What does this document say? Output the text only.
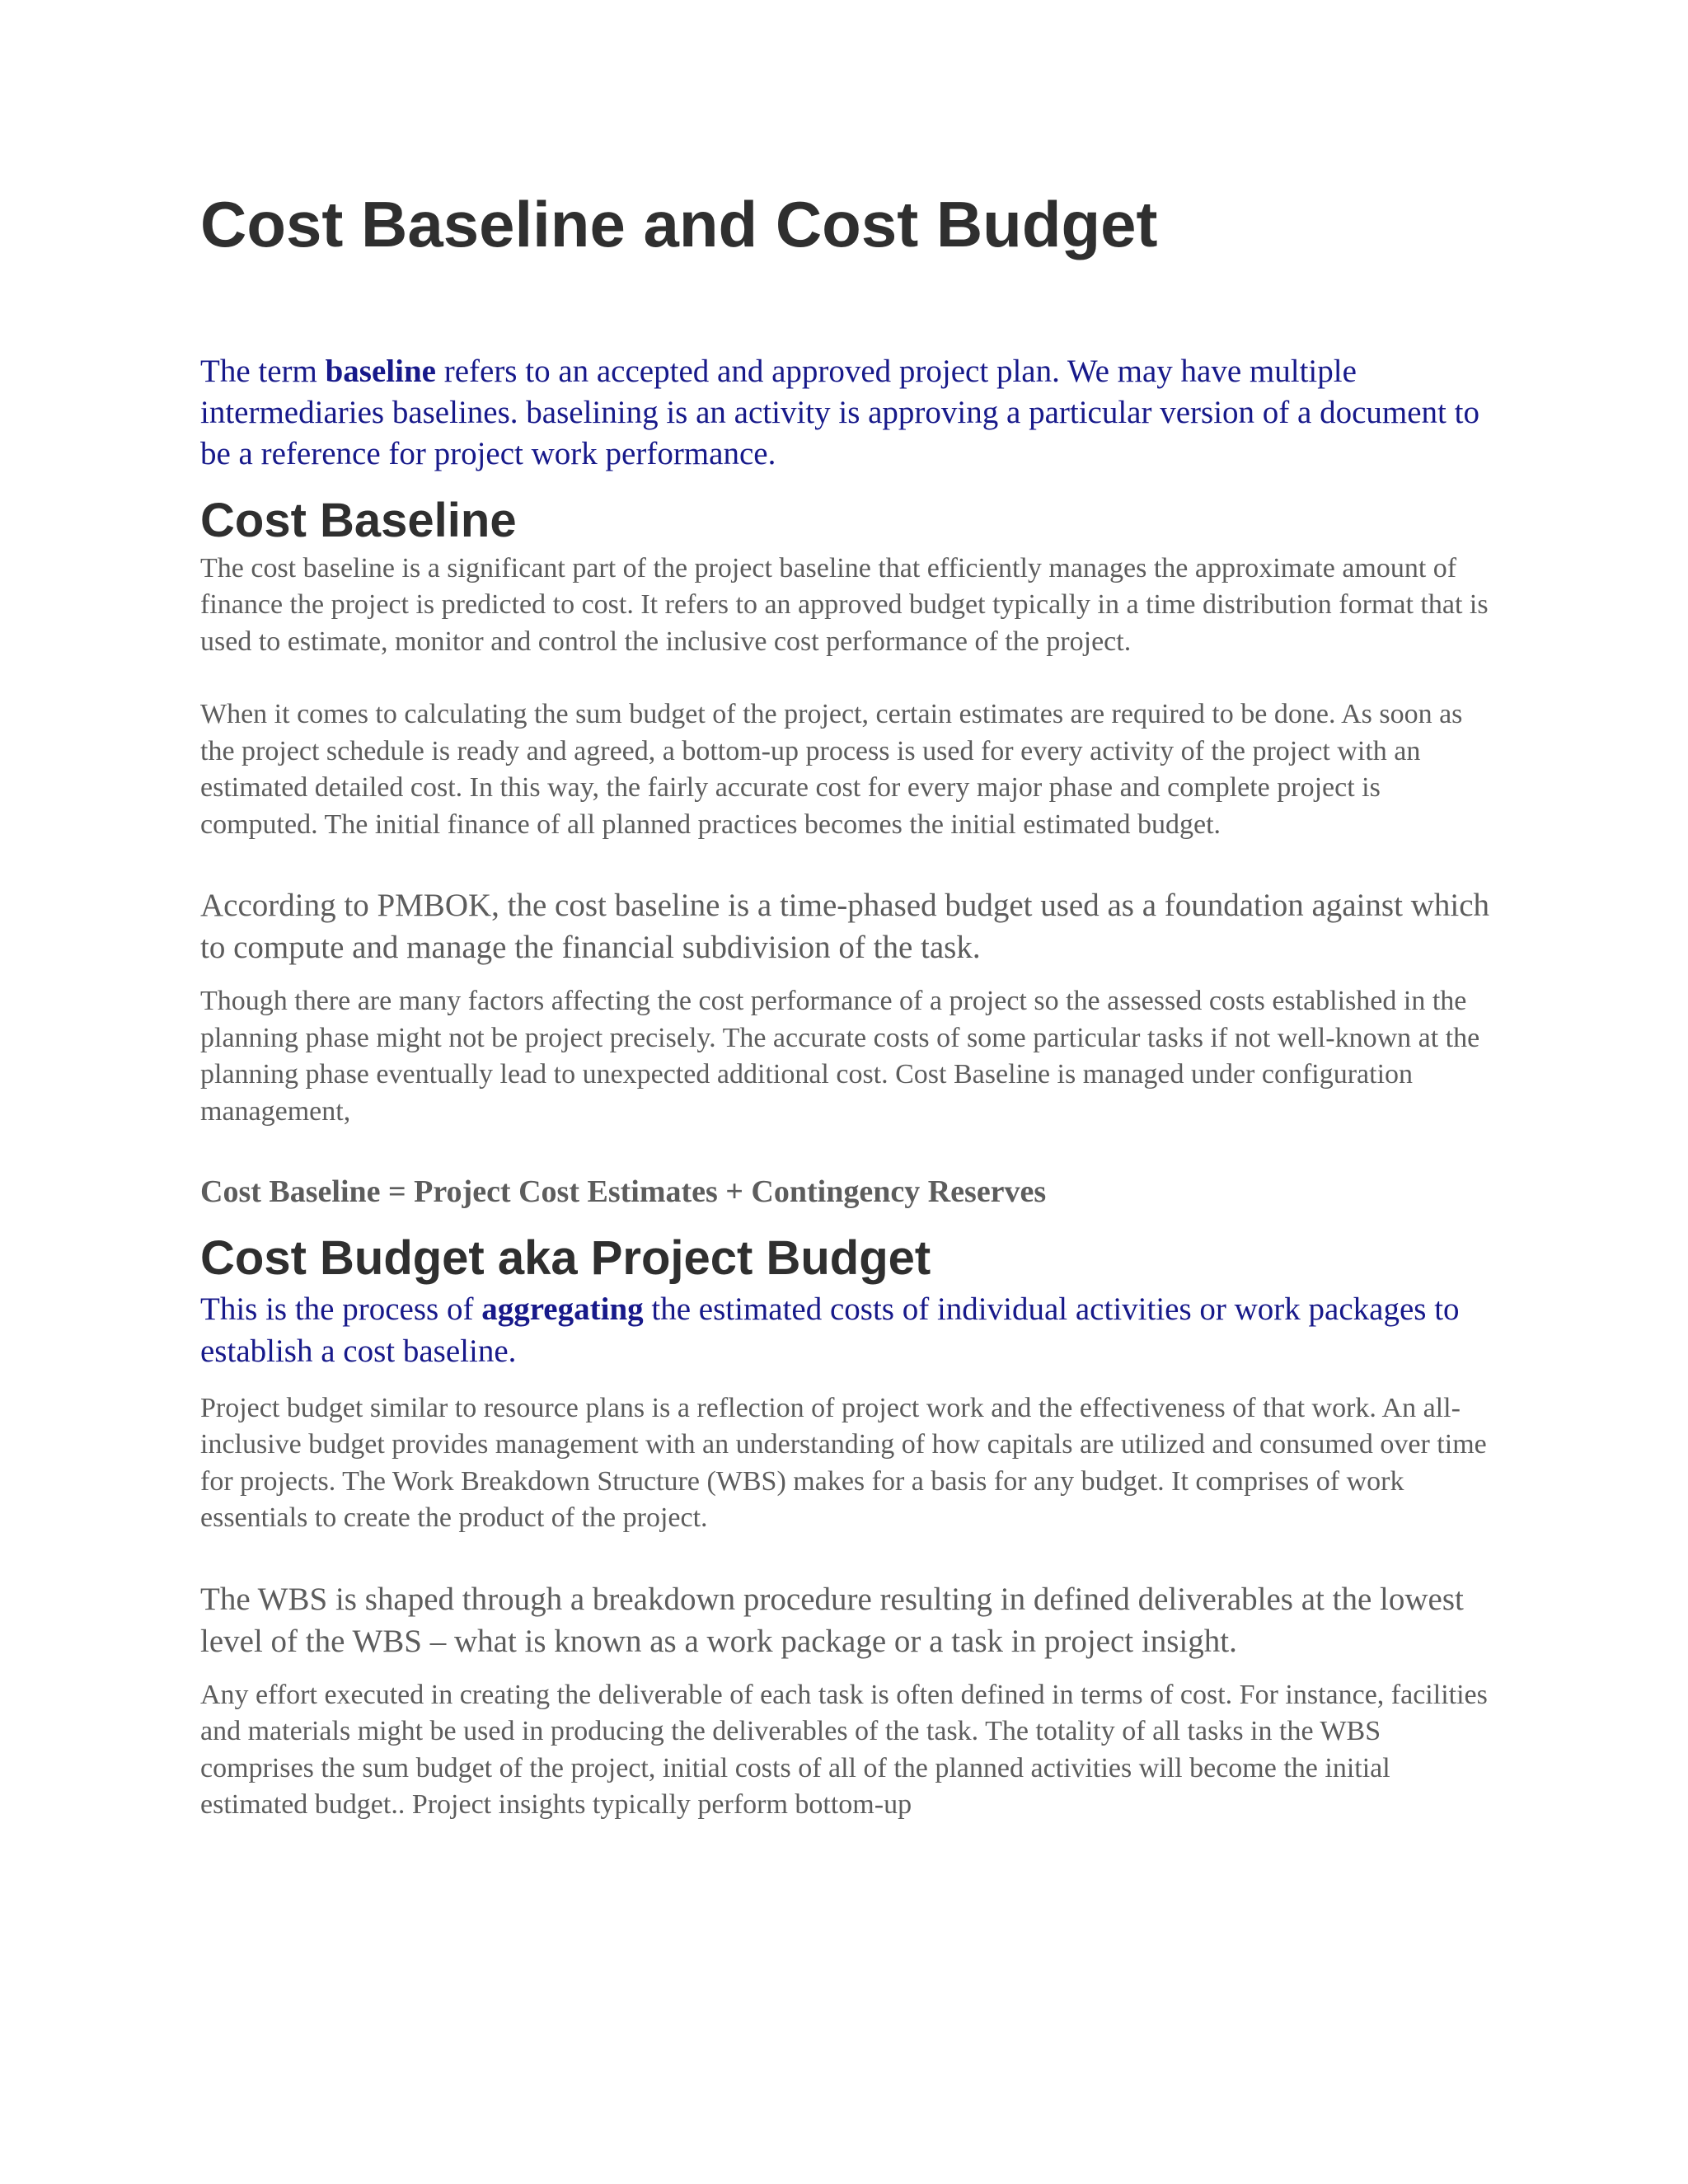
Cost Baseline and Cost Budget

The term baseline refers to an accepted and approved project plan. We may have multiple intermediaries baselines. baselining is an activity is approving a particular version of a document to be a reference for project work performance.

Cost Baseline

The cost baseline is a significant part of the project baseline that efficiently manages the approximate amount of finance the project is predicted to cost. It refers to an approved budget typically in a time distribution format that is used to estimate, monitor and control the inclusive cost performance of the project.

When it comes to calculating the sum budget of the project, certain estimates are required to be done. As soon as the project schedule is ready and agreed, a bottom-up process is used for every activity of the project with an estimated detailed cost. In this way, the fairly accurate cost for every major phase and complete project is computed. The initial finance of all planned practices becomes the initial estimated budget.

According to PMBOK, the cost baseline is a time-phased budget used as a foundation against which to compute and manage the financial subdivision of the task.

Though there are many factors affecting the cost performance of a project so the assessed costs established in the planning phase might not be project precisely. The accurate costs of some particular tasks if not well-known at the planning phase eventually lead to unexpected additional cost. Cost Baseline is managed under configuration management,

Cost Baseline = Project Cost Estimates + Contingency Reserves

Cost Budget aka Project Budget

This is the process of aggregating the estimated costs of individual activities or work packages to establish a cost baseline.

Project budget similar to resource plans is a reflection of project work and the effectiveness of that work. An all-inclusive budget provides management with an understanding of how capitals are utilized and consumed over time for projects. The Work Breakdown Structure (WBS) makes for a basis for any budget. It comprises of work essentials to create the product of the project.

The WBS is shaped through a breakdown procedure resulting in defined deliverables at the lowest level of the WBS – what is known as a work package or a task in project insight.

Any effort executed in creating the deliverable of each task is often defined in terms of cost. For instance, facilities and materials might be used in producing the deliverables of the task. The totality of all tasks in the WBS comprises the sum budget of the project, initial costs of all of the planned activities will become the initial estimated budget.. Project insights typically perform bottom-up
